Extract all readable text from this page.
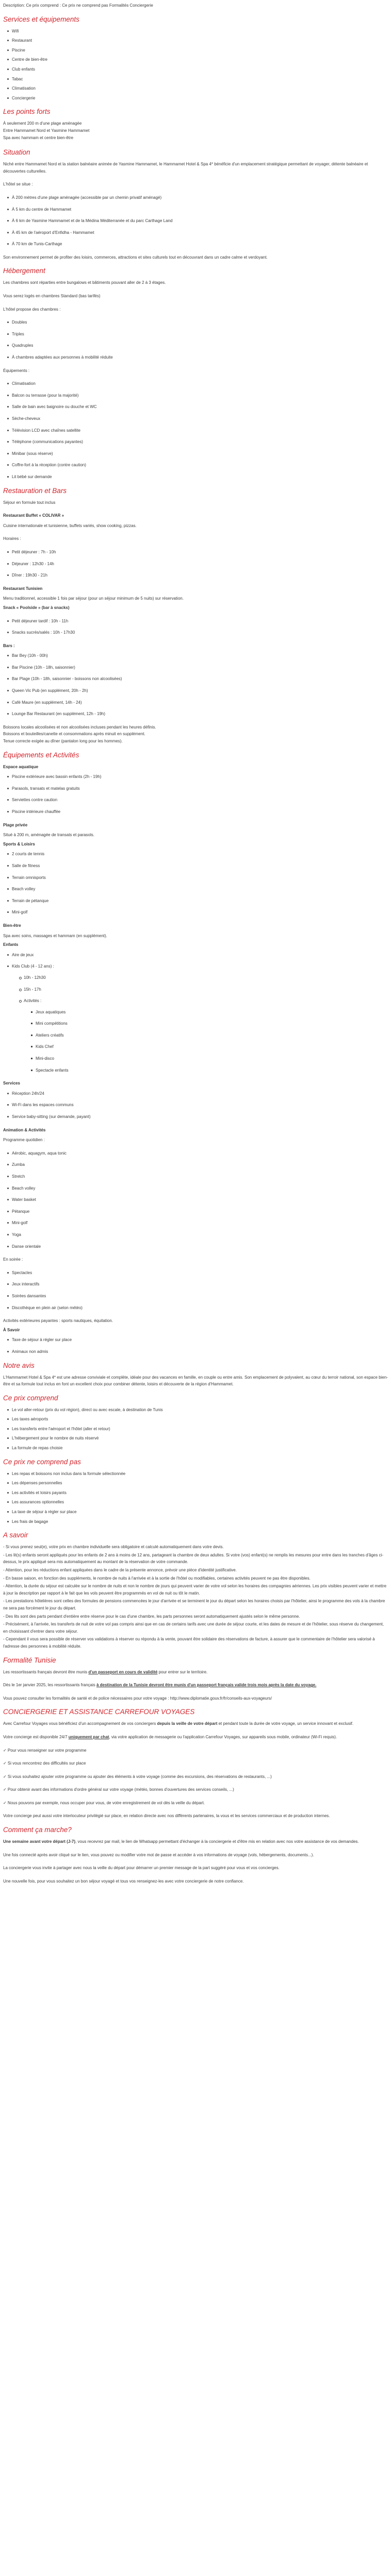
Description: Ce prix comprend : Ce prix ne comprend pas Formalités Conciergerie

Services et équipements
Wifi
Restaurant
Piscine
Centre de bien-être
Club enfants
Tabac
Climatisation
Conciergerie
Les points forts

À seulement 200 m d'une plage aménagée
Entre Hammamet Nord et Yasmine Hammamet
Spa avec hammam et centre bien-être

Situation

Niché entre Hammamet Nord et la station balnéaire animée de Yasmine Hammamet, le Hammamet Hotel & Spa 4* bénéficie d'un emplacement stratégique permettant de voyager, détente balnéaire et découvertes culturelles.

L'hôtel se situe :

À 200 mètres d'une plage aménagée (accessible par un chemin privatif aménagé)
À 5 km du centre de Hammamet
À 6 km de Yasmine Hammamet et de la Médina Méditerranée et du parc Carthage Land
À 45 km de l'aéroport d'Enfidha - Hammamet
À 70 km de Tunis-Carthage

Son environnement permet de profiter des loisirs, commerces, attractions et sites culturels tout en découvrant dans un cadre calme et verdoyant.

Hébergement

Les chambres sont réparties entre bungalows et bâtiments pouvant aller de 2 à 3 étages.

Vous serez logés en chambres Standard (bas tarifés)

L'hôtel propose des chambres :

Doubles
Triples
Quadruples
À chambres adaptées aux personnes à mobilité réduite

Équipements :

Climatisation
Balcon ou terrasse (pour la majorité)
Salle de bain avec baignoire ou douche et WC
Sèche-cheveux
Télévision LCD avec chaînes satellite
Téléphone (communications payantes)
Minibar (sous réserve)
Coffre-fort à la réception (contre caution)
Lit bébé sur demande
Restauration et Bars

Séjour en formule tout inclus

Restaurant Buffet « COLIVAR »

Cuisine internationale et tunisienne, buffets variés, show cooking, pizzas.

Horaires :

Petit déjeuner : 7h - 10h
Déjeuner : 12h30 - 14h
Dîner : 19h30 - 21h
Restaurant Tunisien

Menu traditionnel, accessible 1 fois par séjour (pour un séjour minimum de 5 nuits) sur réservation.

Snack « Poolside » (bar à snacks)

Petit déjeuner tardif : 10h - 11h
Snacks sucrés/salés : 10h - 17h30
Bars :
Bar Bey (10h - 00h)
Bar Piscine (10h - 18h, saisonnier)
Bar Plage (10h - 18h, saisonnier - boissons non alcoolisées)
Queen Vic Pub (en supplément, 20h - 2h)
Café Maure (en supplément, 14h - 24)
Lounge Bar Restaurant (en supplément, 12h - 19h)

Boissons locales alcoolisées et non alcoolisées incluses pendant les heures définis.
Boissons et bouteilles/canette et consommations après minuit en supplément.
Tenue correcte exigée au dîner (pantalon long pour les hommes).

Équipements et Activités
Espace aquatique
Piscine extérieure avec bassin enfants (2h - 19h)
Parasols, transats et matelas gratuits
Serviettes contre caution
Piscine intérieure chauffée
Plage privée

Situé à 200 m, aménagée de transats et parasols.

Sports & Loisirs
2 courts de tennis
Salle de fitness
Terrain omnisports
Beach volley
Terrain de pétanque
Mini-golf
Bien-être

Spa avec soins, massages et hammam (en supplément).

Enfants
Aire de jeux
Kids Club (4 - 12 ans) :
10h - 12h30
15h - 17h
Activités :
Jeux aquatiques
Mini compétitions
Ateliers créatifs
Kids Chef
Mini-disco
Spectacle enfants
Services
Réception 24h/24
Wi-Fi dans les espaces communs
Service baby-sitting (sur demande, payant)
Animation & Activités

Programme quotidien :

Aérobic, aquagym, aqua tonic
Zumba
Stretch
Beach volley
Water basket
Pétanque
Mini-golf
Yoga
Danse orientale

En soirée :

Spectacles
Jeux interactifs
Soirées dansantes
Discothèque en plein air (selon météo)

Activités extérieures payantes : sports nautiques, équitation.

À Savoir
Taxe de séjour à régler sur place
Animaux non admis
Notre avis

L'Hammamet Hotel & Spa 4* est une adresse conviviale et complète, idéale pour des vacances en famille, en couple ou entre amis. Son emplacement de polyvalent, au cœur du terroir national, son espace bien-être et sa formule tout inclus en font un excellent choix pour combiner détente, loisirs et découverte de la région d'Hammamet.

Ce prix comprend
Le vol aller-retour (prix du vol région), direct ou avec escale, à destination de Tunis
Les taxes aéroports
Les transferts entre l'aéroport et l'hôtel (aller et retour)
L'hébergement pour le nombre de nuits réservé
La formule de repas choisie
Ce prix ne comprend pas
Les repas et boissons non inclus dans la formule sélectionnée
Les dépenses personnelles
Les activités et loisirs payants
Les assurances optionnelles
La taxe de séjour à régler sur place
Les frais de bagage
A savoir

- Si vous prenez seul(e), votre prix en chambre individuelle sera obligatoire et calculé automatiquement dans votre devis.

- Les lit(s) enfants seront appliqués pour les enfants de 2 ans à moins de 12 ans, partageant la chambre de deux adultes. Si votre (vos) enfant(s) ne remplis les mesures pour entre dans les tranches d'âges ci-dessus, le prix appliqué sera mis automatiquement au montant de la réservation de votre commande.

- Attention, pour les réductions enfant appliquées dans le cadre de la présente annonce, prévoir une pièce d'identité justificative.

- En basse saison, en fonction des suppléments, le nombre de nuits à l'arrivée et à la sortie de l'hôtel ou modifiables, certaines activités peuvent ne pas être disponibles.

- Attention, la durée du séjour est calculée sur le nombre de nuits et non le nombre de jours qui peuvent varier de votre vol selon les horaires des compagnies aériennes. Les prix visibles peuvent varier et mettre à jour la description par rapport à le fait que les vols peuvent être programmés en vol de nuit ou tôt le matin.

- Les prestations hôtelières sont celles des formules de pensions commencées le jour d'arrivée et se terminent le jour du départ selon les horaires choisis par l'hôtelier, ainsi le programme des vols à la chambre ne sera pas forcément le jour du départ.

- Des lits sont des parts pendant d'entière entre réserve pour le cas d'une chambre, les parts personnes seront automatiquement ajustés selon le même personne.

- Précisément, à l'arrivée, les transferts de nuit de votre vol pas compris ainsi que en cas de certains tarifs avec une durée de séjour courte, et les dates de mesure et de l'hôtelier, sous réserve du changement, en choisissant d'entrer dans votre séjour.

- Cependant il vous sera possible de réserver vos validations à réserver ou répondu à la vente, pouvant être solidaire des réservations de facture, à assurer que le commentaire de l'hôtelier sera valorisé à l'adresse des personnes à mobilité réduite.

Formalité Tunisie

Les ressortissants français devront être munis d'un passeport en cours de validité pour entrer sur le territoire.

Dès le 1er janvier 2025, les ressortissants français à destination de la Tunisie devront être munis d'un passeport français valide trois mois après la date du voyage.

Vous pouvez consulter les formalités de santé et de police nécessaires pour votre voyage : http://www.diplomatie.gouv.fr/fr/conseils-aux-voyageurs/

CONCIERGERIE ET ASSISTANCE CARREFOUR VOYAGES

Avec Carrefour Voyages vous bénéficiez d'un accompagnement de vos conciergers depuis la veille de votre départ et pendant toute la durée de votre voyage, un service innovant et exclusif.

Votre concierge est disponible 24/7 uniquement par chat, via votre application de messagerie ou l'application Carrefour Voyages, sur appareils sous mobile, ordinateur (Wi-Fi requis).

✓ Pour vous renseigner sur votre programme

✓ Si vous rencontrez des difficultés sur place

✓ Si vous souhaitez ajouter votre programme ou ajouter des éléments à votre voyage (comme des excursions, des réservations de restaurants, ...)

✓ Pour obtenir avant des informations d'ordre général sur votre voyage (météo, bonnes d'ouvertures des services conseils, ...)

✓ Nous pouvons par exemple, nous occuper pour vous, de votre enregistrement de vol dès la veille du départ.

Votre concierge peut aussi votre interlocuteur privilégié sur place, en relation directe avec nos différents partenaires, la vous et les services commerciaux et de production internes.

Comment ça marche?

Une semaine avant votre départ (J-7), vous recevrez par mail, le lien de Whatsapp permettant d'échanger à la conciergerie et d'être mis en relation avec nos votre assistance de vos demandes.

Une fois connecté après avoir cliqué sur le lien, vous pouvez ou modifier votre mot de passe et accéder à vos informations de voyage (vols, hébergements, documents...).

La conciergerie vous invite à partager avec nous la veille du départ pour démarrer un premier message de la part suggéré pour vous et vos concierges.

Une nouvelle fois, pour vous souhaitez un bon séjour voyagé et tous vos renseignez-les avec votre conciergerie de notre confiance.
